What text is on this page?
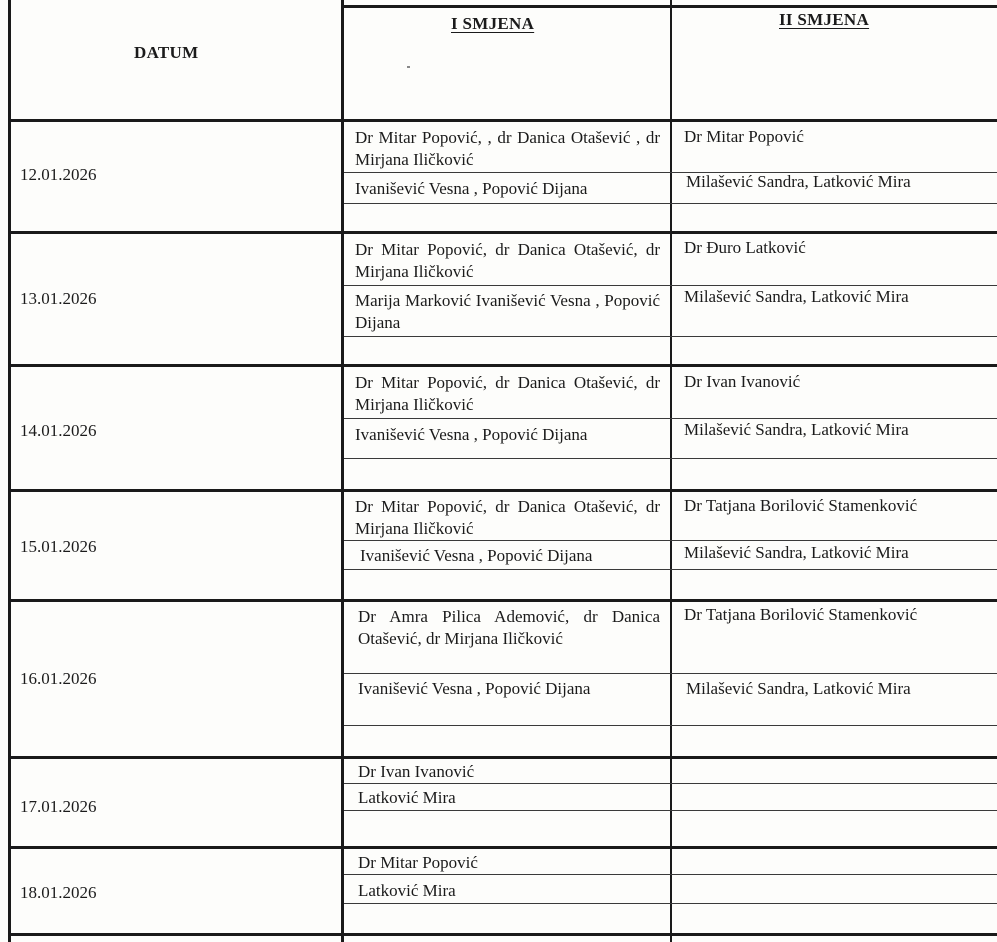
DATUM
I SMJENA	II SMJENA
12.01.2026
Dr Mitar Popović, , dr Danica Otašević , dr Mirjana Iličković
Ivanišević Vesna , Popović Dijana
Dr Mitar Popović
Milašević Sandra, Latković Mira
13.01.2026
Dr Mitar Popović, dr Danica Otašević, dr Mirjana Iličković
Marija Marković Ivanišević Vesna , Popović Dijana
Dr Đuro Latković
Milašević Sandra, Latković Mira
14.01.2026
Dr Mitar Popović, dr Danica Otašević, dr Mirjana Iličković
Ivanišević Vesna , Popović Dijana
Dr Ivan Ivanović
Milašević Sandra, Latković Mira
15.01.2026
Dr Mitar Popović, dr Danica Otašević, dr Mirjana Iličković
Ivanišević Vesna , Popović Dijana
Dr Tatjana Borilović Stamenković
Milašević Sandra, Latković Mira
16.01.2026
Dr Amra Pilica Ademović, dr Danica Otašević, dr Mirjana Iličković
Ivanišević Vesna , Popović Dijana
Dr Tatjana Borilović Stamenković
Milašević Sandra, Latković Mira
17.01.2026
Dr Ivan Ivanović
Latković Mira
18.01.2026
Dr Mitar Popović
Latković Mira
